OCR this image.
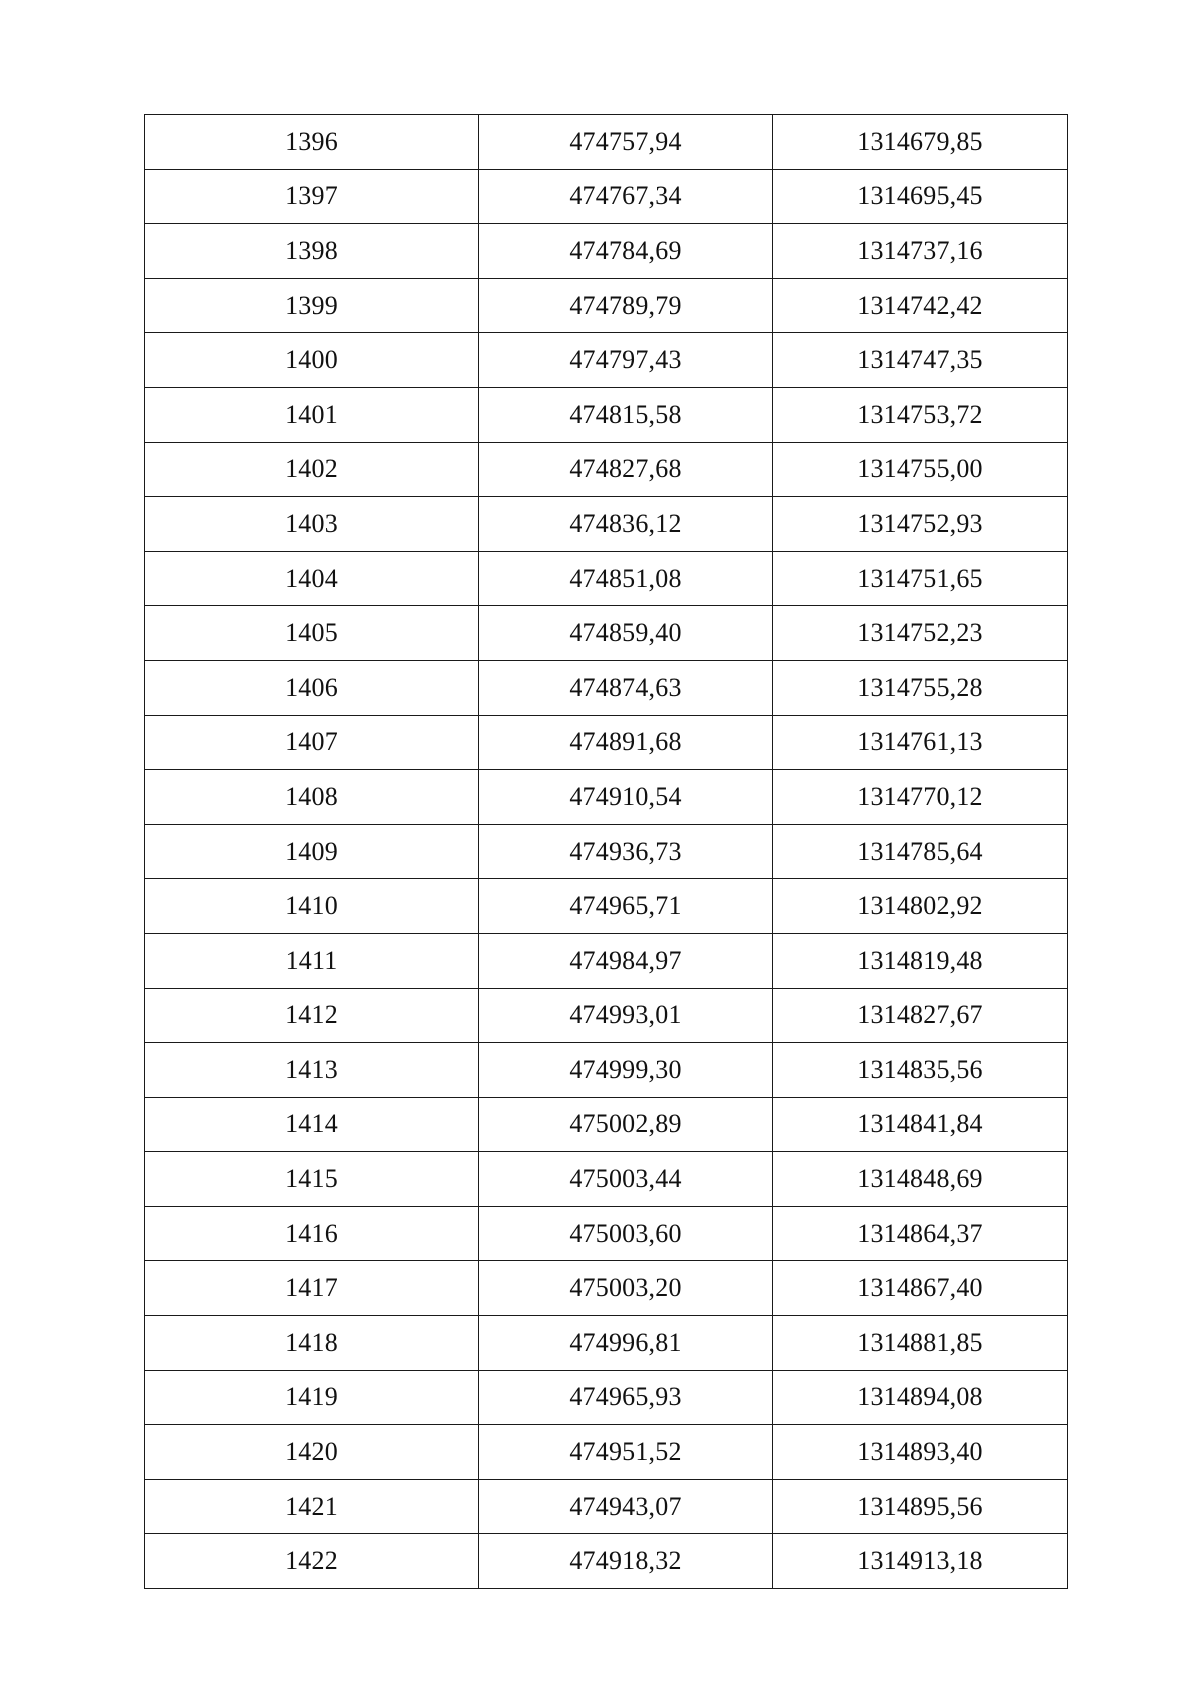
1396	474757,94	1314679,85
1397	474767,34	1314695,45
1398	474784,69	1314737,16
1399	474789,79	1314742,42
1400	474797,43	1314747,35
1401	474815,58	1314753,72
1402	474827,68	1314755,00
1403	474836,12	1314752,93
1404	474851,08	1314751,65
1405	474859,40	1314752,23
1406	474874,63	1314755,28
1407	474891,68	1314761,13
1408	474910,54	1314770,12
1409	474936,73	1314785,64
1410	474965,71	1314802,92
1411	474984,97	1314819,48
1412	474993,01	1314827,67
1413	474999,30	1314835,56
1414	475002,89	1314841,84
1415	475003,44	1314848,69
1416	475003,60	1314864,37
1417	475003,20	1314867,40
1418	474996,81	1314881,85
1419	474965,93	1314894,08
1420	474951,52	1314893,40
1421	474943,07	1314895,56
1422	474918,32	1314913,18
